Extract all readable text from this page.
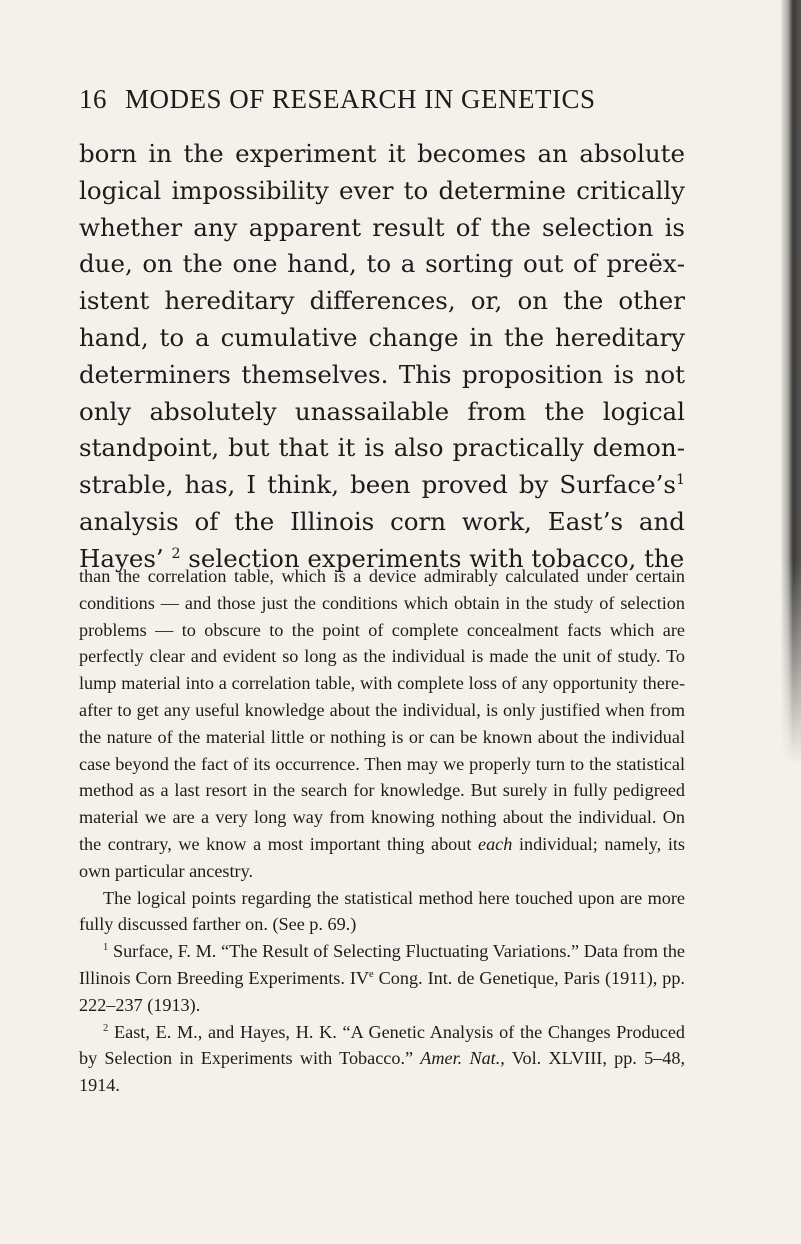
16 MODES OF RESEARCH IN GENETICS

born in the experiment it becomes an absolute logical impossibility ever to determine critically whether any apparent result of the selection is due, on the one hand, to a sorting out of preëxistent hereditary differences, or, on the other hand, to a cumulative change in the hereditary determiners themselves. This proposition is not only absolutely unassailable from the logical standpoint, but that it is also practically demonstrable, has, I think, been proved by $Surface’s^1$ analysis of the Illinois corn work, East’s and Hayes’ $^2$ selection experiments with tobacco, the

than the correlation table, which is a device admirably calculated under certain conditions — and those just the conditions which obtain in the study of selection problems — to obscure to the point of complete concealment facts which are perfectly clear and evident so long as the individual is made the unit of study. To lump material into a correlation table, with complete loss of any opportunity thereafter to get any useful knowledge about the individual, is only justified when from the nature of the material little or nothing is or can be known about the individual case beyond the fact of its occurrence. Then may we properly turn to the statistical method as a last resort in the search for knowledge. But surely in fully pedigreed material we are a very long way from knowing nothing about the individual. On the contrary, we know a most important thing about each individual; namely, its own particular ancestry.

The logical points regarding the statistical method here touched upon are more fully discussed farther on. (See p. 69.)

$^1$ Surface, F. M. “The Result of Selecting Fluctuating Variations.” Data from the Illinois Corn Breeding Experiments. IVe Cong. Int. de Genetique, Paris (1911), pp. 222–237 (1913).

$^2$ East, E. M., and Hayes, H. K. “A Genetic Analysis of the Changes Produced by Selection in Experiments with Tobacco.” Amer. Nat., Vol. XLVIII, pp. 5–48, 1914.
